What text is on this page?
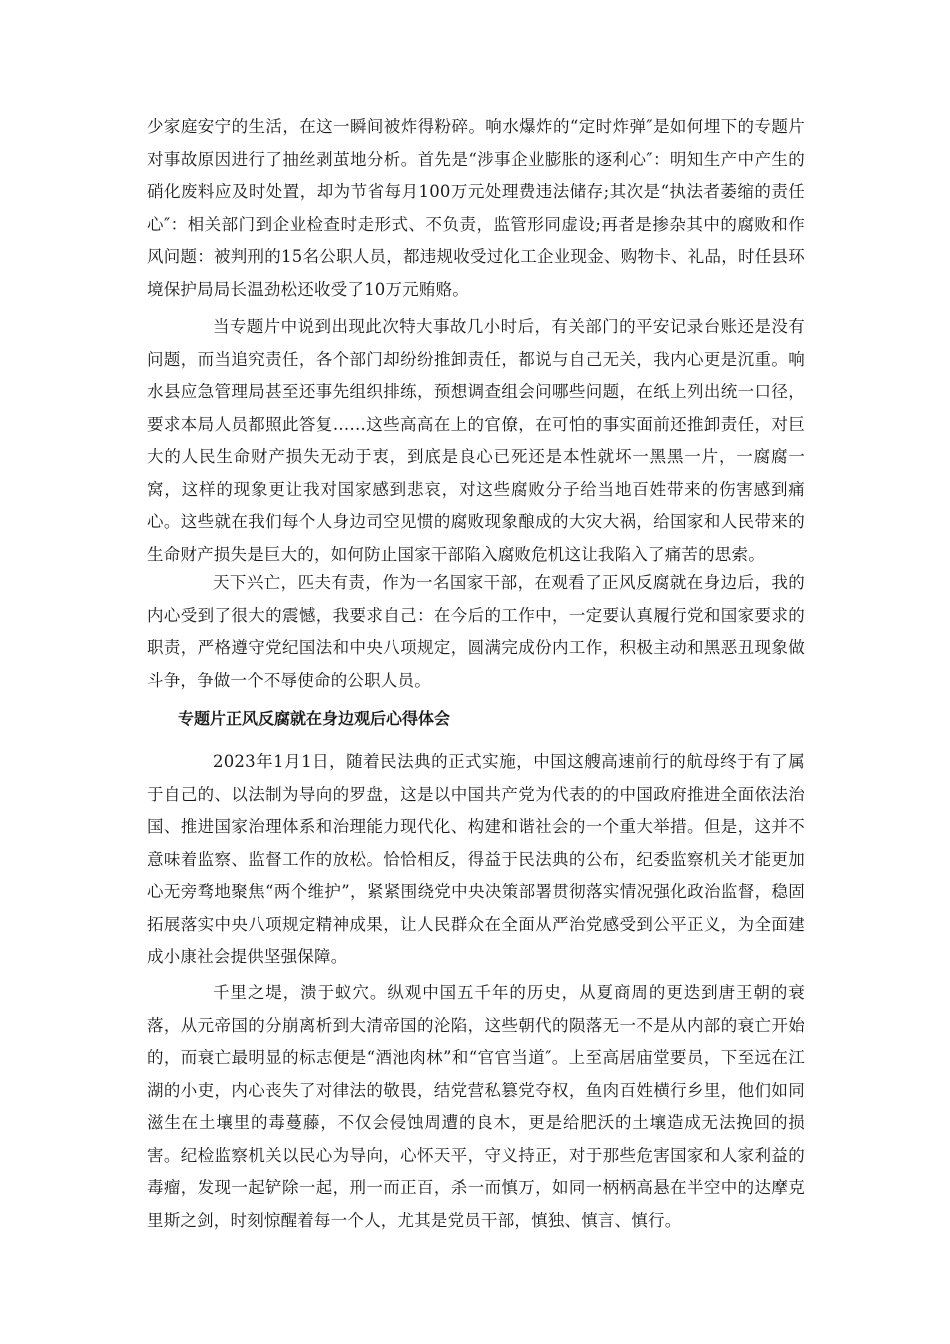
少家庭安宁的生活，在这一瞬间被炸得粉碎。响水爆炸的“定时炸弹″是如何埋下的专题片对事故原因进行了抽丝剥茧地分析。首先是“涉事企业膨胀的逐利心″：明知生产中产生的硝化废料应及时处置，却为节省每月100万元处理费违法储存;其次是“执法者萎缩的责任心″：相关部门到企业检查时走形式、不负责，监管形同虚设;再者是掺杂其中的腐败和作风问题：被判刑的15名公职人员，都违规收受过化工企业现金、购物卡、礼品，时任县环境保护局局长温劲松还收受了10万元贿赂。

当专题片中说到出现此次特大事故几小时后，有关部门的平安记录台账还是没有问题，而当追究责任，各个部门却纷纷推卸责任，都说与自己无关，我内心更是沉重。响水县应急管理局甚至还事先组织排练，预想调查组会问哪些问题，在纸上列出统一口径，要求本局人员都照此答复……这些高高在上的官僚，在可怕的事实面前还推卸责任，对巨大的人民生命财产损失无动于衷，到底是良心已死还是本性就坏一黑黑一片，一腐腐一窝，这样的现象更让我对国家感到悲哀，对这些腐败分子给当地百姓带来的伤害感到痛心。这些就在我们每个人身边司空见惯的腐败现象酿成的大灾大祸，给国家和人民带来的生命财产损失是巨大的，如何防止国家干部陷入腐败危机这让我陷入了痛苦的思索。

天下兴亡，匹夫有责，作为一名国家干部，在观看了正风反腐就在身边后，我的内心受到了很大的震憾，我要求自己：在今后的工作中，一定要认真履行党和国家要求的职责，严格遵守党纪国法和中央八项规定，圆满完成份内工作，积极主动和黑恶丑现象做斗争，争做一个不辱使命的公职人员。

专题片正风反腐就在身边观后心得体会

2023年1月1日，随着民法典的正式实施，中国这艘高速前行的航母终于有了属于自己的、以法制为导向的罗盘，这是以中国共产党为代表的的中国政府推进全面依法治国、推进国家治理体系和治理能力现代化、构建和谐社会的一个重大举措。但是，这并不意味着监察、监督工作的放松。恰恰相反，得益于民法典的公布，纪委监察机关才能更加心无旁骛地聚焦“两个维护”，紧紧围绕党中央决策部署贯彻落实情况强化政治监督，稳固拓展落实中央八项规定精神成果，让人民群众在全面从严治党感受到公平正义，为全面建成小康社会提供坚强保障。

千里之堤，溃于蚁穴。纵观中国五千年的历史，从夏商周的更迭到唐王朝的衰落，从元帝国的分崩离析到大清帝国的沦陷，这些朝代的陨落无一不是从内部的衰亡开始的，而衰亡最明显的标志便是“酒池肉林”和“官官当道″。上至高居庙堂要员，下至远在江湖的小吏，内心丧失了对律法的敬畏，结党营私篡党夺权，鱼肉百姓横行乡里，他们如同滋生在土壤里的毒蔓藤，不仅会侵蚀周遭的良木，更是给肥沃的土壤造成无法挽回的损害。纪检监察机关以民心为导向，心怀天平，守义持正，对于那些危害国家和人家利益的毒瘤，发现一起铲除一起，刑一而正百，杀一而慎万，如同一柄柄高悬在半空中的达摩克里斯之剑，时刻惊醒着每一个人，尤其是党员干部，慎独、慎言、慎行。
